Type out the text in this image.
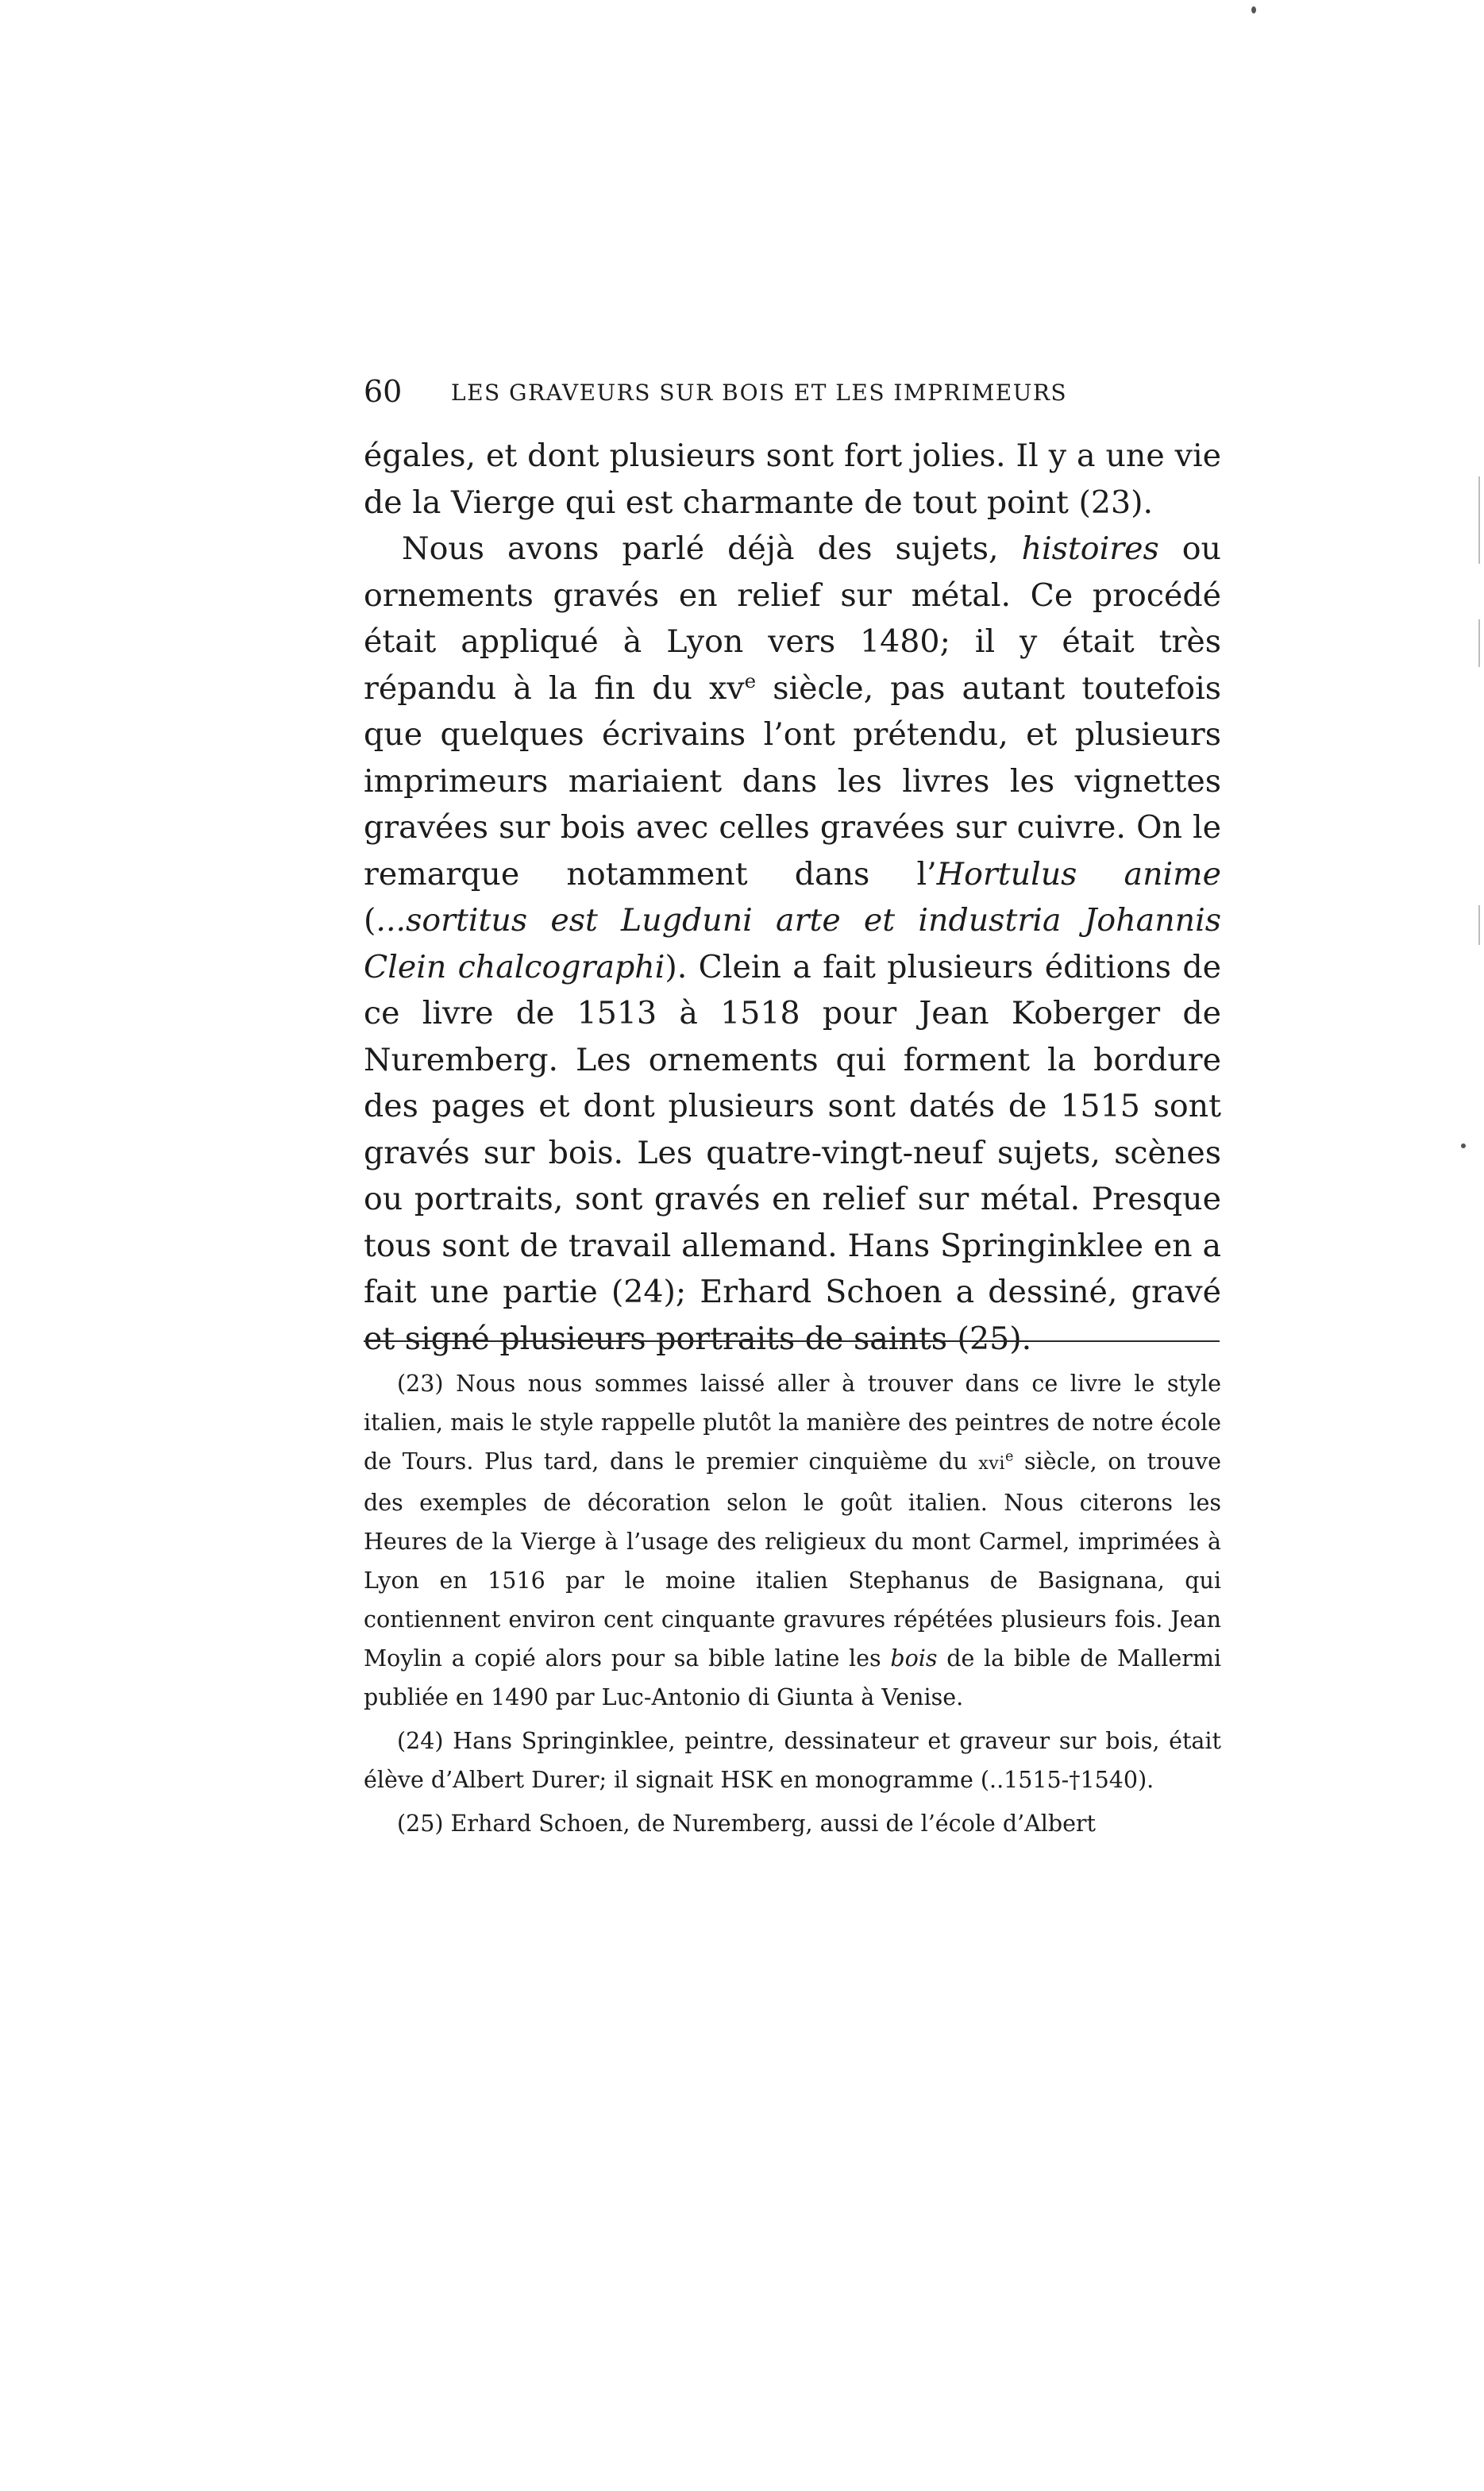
60 LES GRAVEURS SUR BOIS ET LES IMPRIMEURS

égales, et dont plusieurs sont fort jolies. Il y a une vie de la Vierge qui est charmante de tout point (23).

Nous avons parlé déjà des sujets, histoires ou ornements gravés en relief sur métal. Ce procédé était appliqué à Lyon vers 1480; il y était très répandu à la fin du $xv^e$ siècle, pas autant toutefois que quelques écrivains l’ont prétendu, et plusieurs imprimeurs mariaient dans les livres les vignettes gravées sur bois avec celles gravées sur cuivre. On le remarque notamment dans l’Hortulus anime (...sortitus est Lugduni arte et industria Johannis Clein chalcographi). Clein a fait plusieurs éditions de ce livre de 1513 à 1518 pour Jean Koberger de Nuremberg. Les ornements qui forment la bordure des pages et dont plusieurs sont datés de 1515 sont gravés sur bois. Les quatre-vingt-neuf sujets, scènes ou portraits, sont gravés en relief sur métal. Presque tous sont de travail allemand. Hans Springinklee en a fait une partie (24); Erhard Schoen a dessiné, gravé et signé plusieurs portraits de saints (25).

(23) Nous nous sommes laissé aller à trouver dans ce livre le style italien, mais le style rappelle plutôt la manière des peintres de notre école de Tours. Plus tard, dans le premier cinquième du xvi$^e$ siècle, on trouve des exemples de décoration selon le goût italien. Nous citerons les Heures de la Vierge à l’usage des religieux du mont Carmel, imprimées à Lyon en 1516 par le moine italien Stephanus de Basignana, qui contiennent environ cent cinquante gravures répétées plusieurs fois. Jean Moylin a copié alors pour sa bible latine les bois de la bible de Mallermi publiée en 1490 par Luc-Antonio di Giunta à Venise.

(24) Hans Springinklee, peintre, dessinateur et graveur sur bois, était élève d’Albert Durer; il signait HSK en monogramme (..1515-†1540).

(25) Erhard Schoen, de Nuremberg, aussi de l’école d’Albert
